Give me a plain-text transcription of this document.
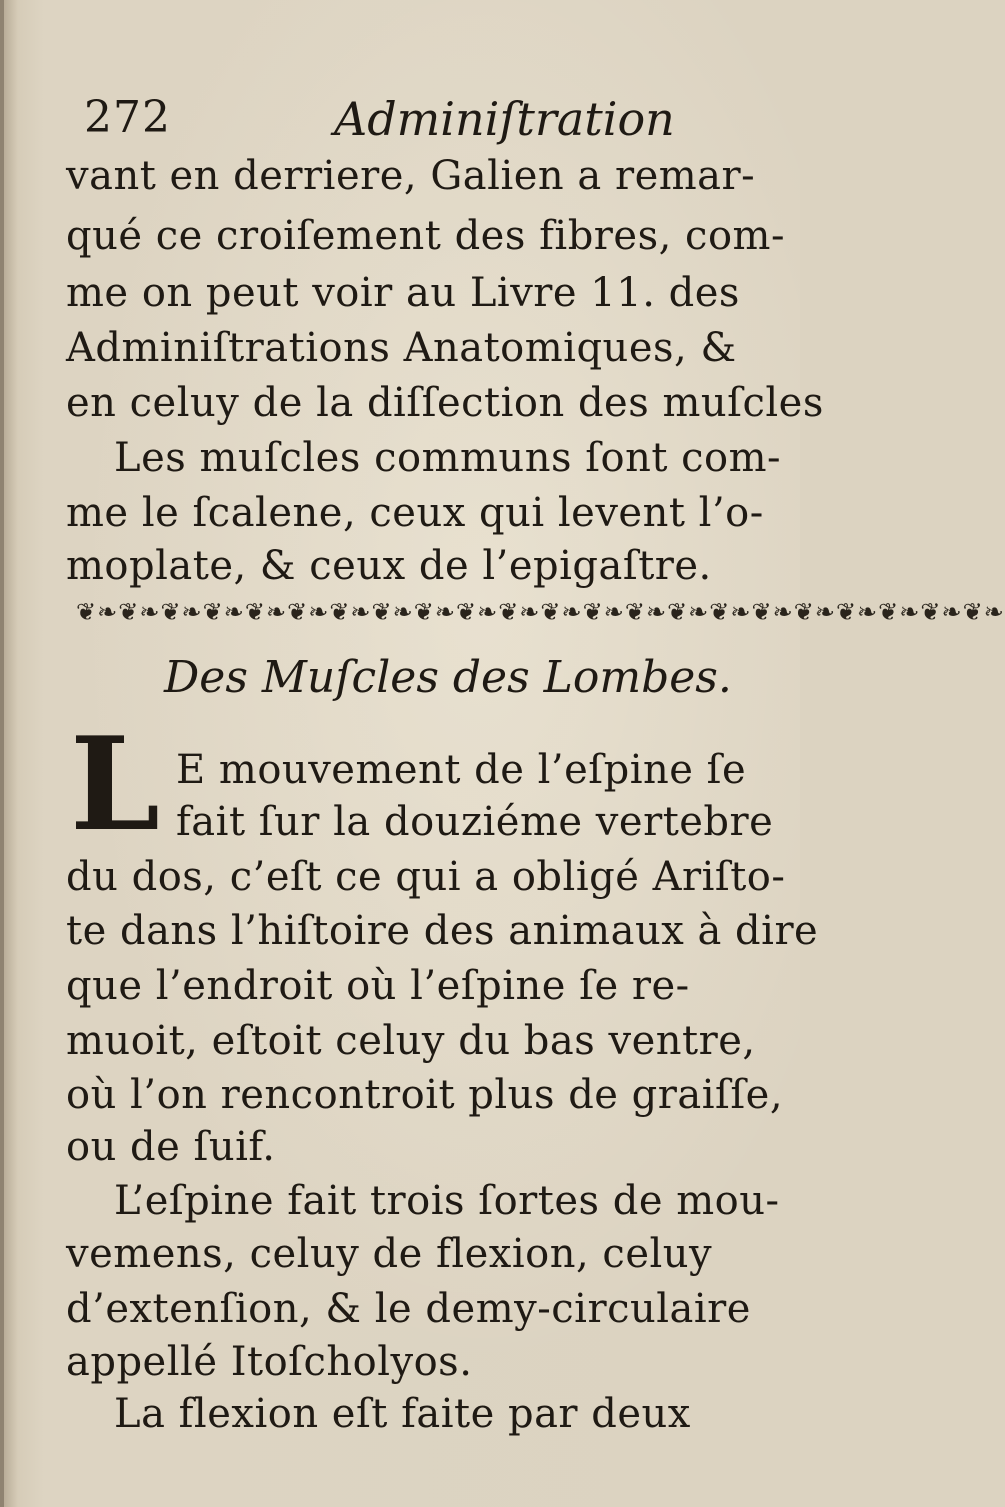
272	Adminiſtration
vant en derriere, Galien a remar-
qué ce croiſement des fibres, com-
me on peut voir au Livre 11. des
Adminiſtrations Anatomiques, &
en celuy de la diſſection des muſcles
Les muſcles communs ſont com-
me le ſcalene, ceux qui levent l’o-
moplate, & ceux de l’epigaſtre.
❦❧❦❧❦❧❦❧❦❧❦❧❦❧❦❧❦❧❦❧❦❧❦❧❦❧❦❧❦❧❦❧❦❧❦❧❦❧❦❧❦❧❦❧
Des Muſcles des Lombes.
L E mouvement de l’eſpine ſe
fait ſur la douziéme vertebre
du dos, c’eſt ce qui a obligé Ariſto-
te dans l’hiſtoire des animaux à dire
que l’endroit où l’eſpine ſe re-
muoit, eſtoit celuy du bas ventre,
où l’on rencontroit plus de graiſſe,
ou de ſuif.
L’eſpine fait trois ſortes de mou-
vemens, celuy de flexion, celuy
d’extenſion, & le demy-circulaire
appellé Itoſcholyos.
La flexion eſt faite par deux
